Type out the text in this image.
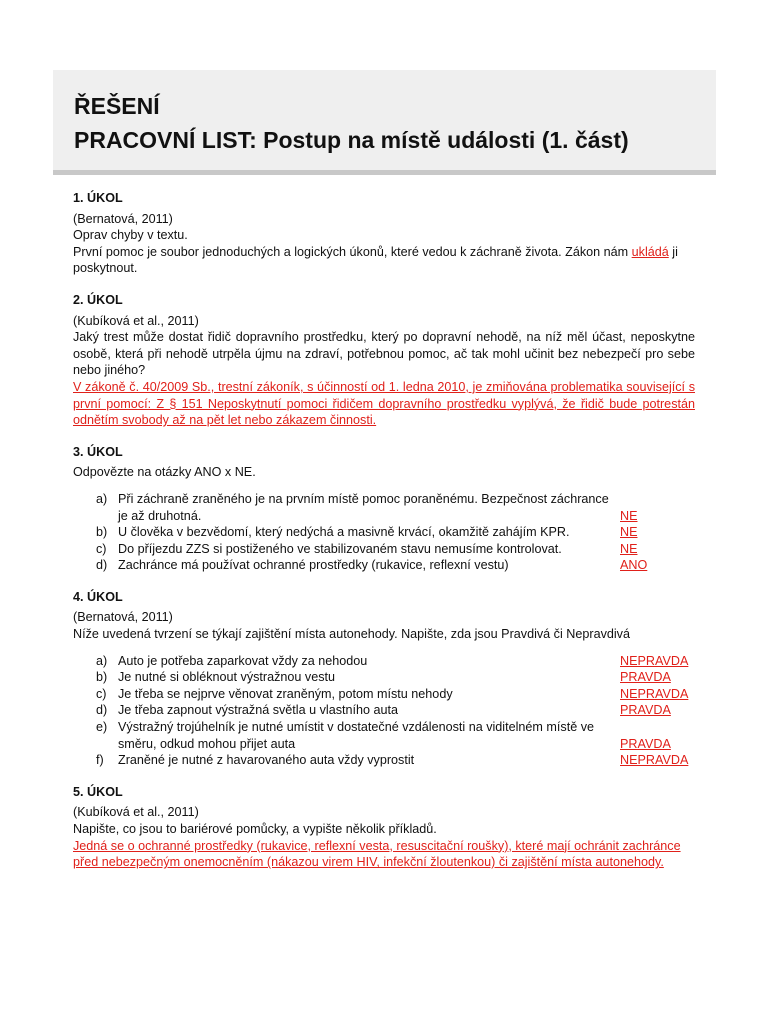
ŘEŠENÍ
PRACOVNÍ LIST: Postup na místě události (1. část)
1. ÚKOL
(Bernatová, 2011)
Oprav chyby v textu.
První pomoc je soubor jednoduchých a logických úkonů, které vedou k záchraně života. Zákon nám ukládá ji poskytnout.
2. ÚKOL
(Kubíková et al., 2011)
Jaký trest může dostat řidič dopravního prostředku, který po dopravní nehodě, na níž měl účast, neposkytne osobě, která při nehodě utrpěla újmu na zdraví, potřebnou pomoc, ač tak mohl učinit bez nebezpečí pro sebe nebo jiného?
V zákoně č. 40/2009 Sb., trestní zákoník, s účinností od 1. ledna 2010, je zmiňována problematika související s první pomocí: Z § 151 Neposkytnutí pomoci řidičem dopravního prostředku vyplývá, že řidič bude potrestán odnětím svobody až na pět let nebo zákazem činnosti.
3. ÚKOL
Odpovězte na otázky ANO x NE.
a) Při záchraně zraněného je na prvním místě pomoc poraněnému. Bezpečnost záchrance je až druhotná.	NE
b) U člověka v bezvědomí, který nedýchá a masivně krvácí, okamžitě zahájím KPR.	NE
c) Do příjezdu ZZS si postiženého ve stabilizovaném stavu nemusíme kontrolovat.	NE
d) Zachránce má používat ochranné prostředky (rukavice, reflexní vestu)	ANO
4. ÚKOL
(Bernatová, 2011)
Níže uvedená tvrzení se týkají zajištění místa autonehody. Napište, zda jsou Pravdivá či Nepravdivá
a) Auto je potřeba zaparkovat vždy za nehodou	NEPRAVDA
b) Je nutné si obléknout výstražnou vestu	PRAVDA
c) Je třeba se nejprve věnovat zraněným, potom místu nehody	NEPRAVDA
d) Je třeba zapnout výstražná světla u vlastního auta	PRAVDA
e) Výstražný trojúhelník je nutné umístit v dostatečné vzdálenosti na viditelném místě ve směru, odkud mohou přijet auta	PRAVDA
f) Zraněné je nutné z havarovaného auta vždy vyprostit	NEPRAVDA
5. ÚKOL
(Kubíková et al., 2011)
Napište, co jsou to bariérové pomůcky, a vypište několik příkladů.
Jedná se o ochranné prostředky (rukavice, reflexní vesta, resuscitační roušky), které mají ochránit zachránce před nebezpečným onemocněním (nákazou virem HIV, infekční žloutenkou) či zajištění místa autonehody.
